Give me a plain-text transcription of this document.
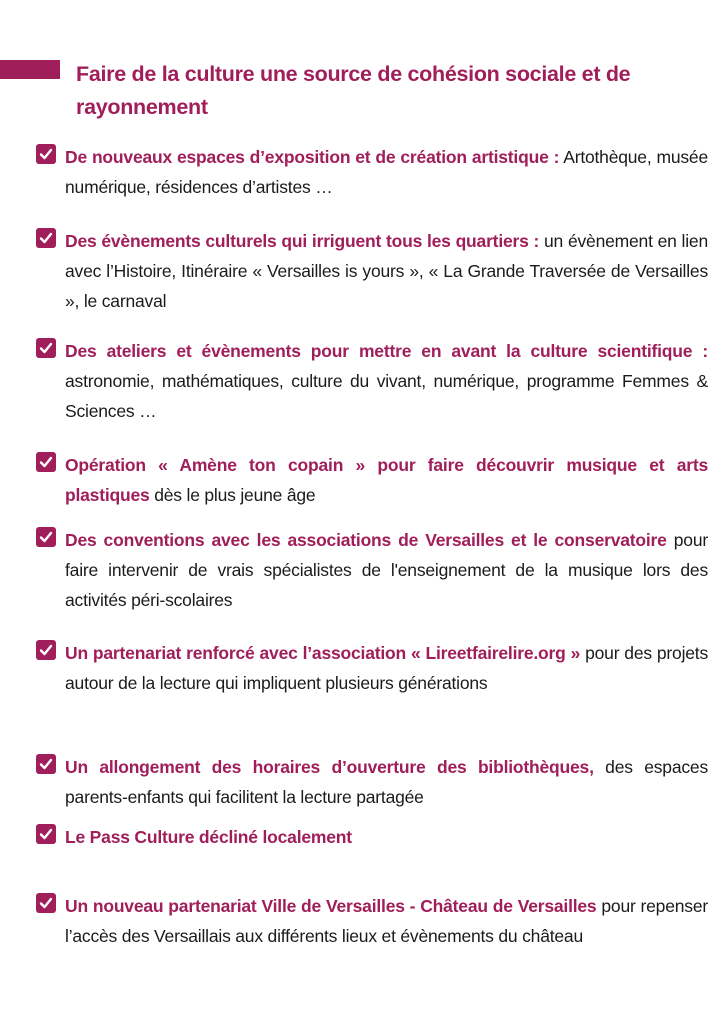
Faire de la culture une source de cohésion sociale et de rayonnement
De nouveaux espaces d’exposition et de création artistique : Artothèque, musée numérique, résidences d’artistes …
Des évènements culturels qui irriguent tous les quartiers : un évènement en lien avec l’Histoire, Itinéraire « Versailles is yours », « La Grande Traversée de Versailles », le carnaval
Des ateliers et évènements pour mettre en avant la culture scientifique : astronomie, mathématiques, culture du vivant, numérique, programme Femmes & Sciences …
Opération « Amène ton copain » pour faire découvrir musique et arts plastiques dès le plus jeune âge
Des conventions avec les associations de Versailles et le conservatoire pour faire intervenir de vrais spécialistes de l'enseignement de la musique lors des activités péri-scolaires
Un partenariat renforcé avec l’association « Lireetfairelire.org » pour des projets autour de la lecture qui impliquent plusieurs générations
Un allongement des horaires d’ouverture des bibliothèques, des espaces parents-enfants qui facilitent la lecture partagée
Le Pass Culture décliné localement
Un nouveau partenariat Ville de Versailles - Château de Versailles pour repenser l’accès des Versaillais aux différents lieux et évènements du château
